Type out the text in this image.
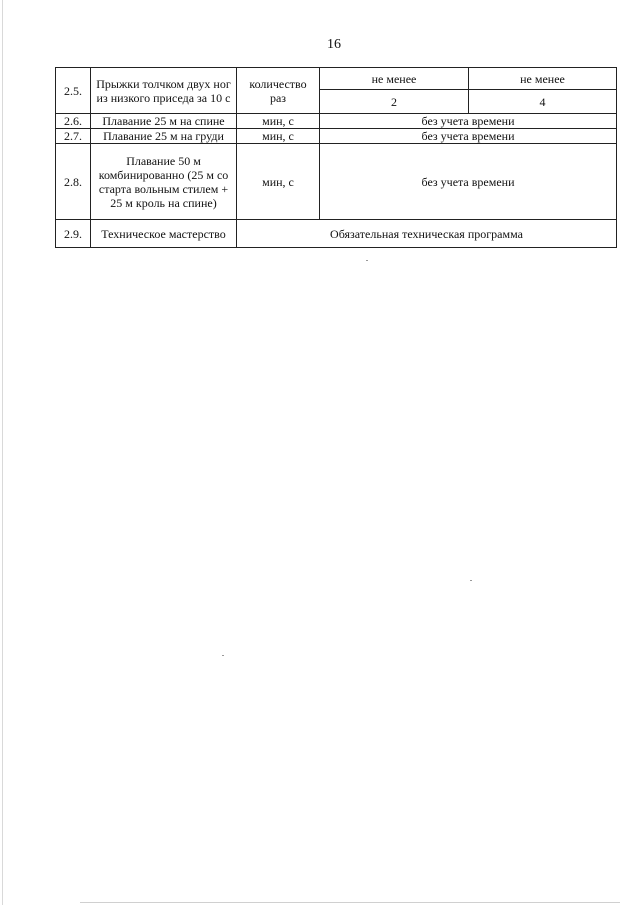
16
2.5.	Прыжки толчком двух ног из низкого приседа за 10 с	количество раз	не менее	не менее
			2	4
2.6.	Плавание 25 м на спине	мин, с	без учета времени	
2.7.	Плавание 25 м на груди	мин, с	без учета времени	
2.8.	Плавание 50 м комбинированно (25 м со старта вольным стилем + 25 м кроль на спине)	мин, с	без учета времени	
2.9.	Техническое мастерство	Обязательная техническая программа		
